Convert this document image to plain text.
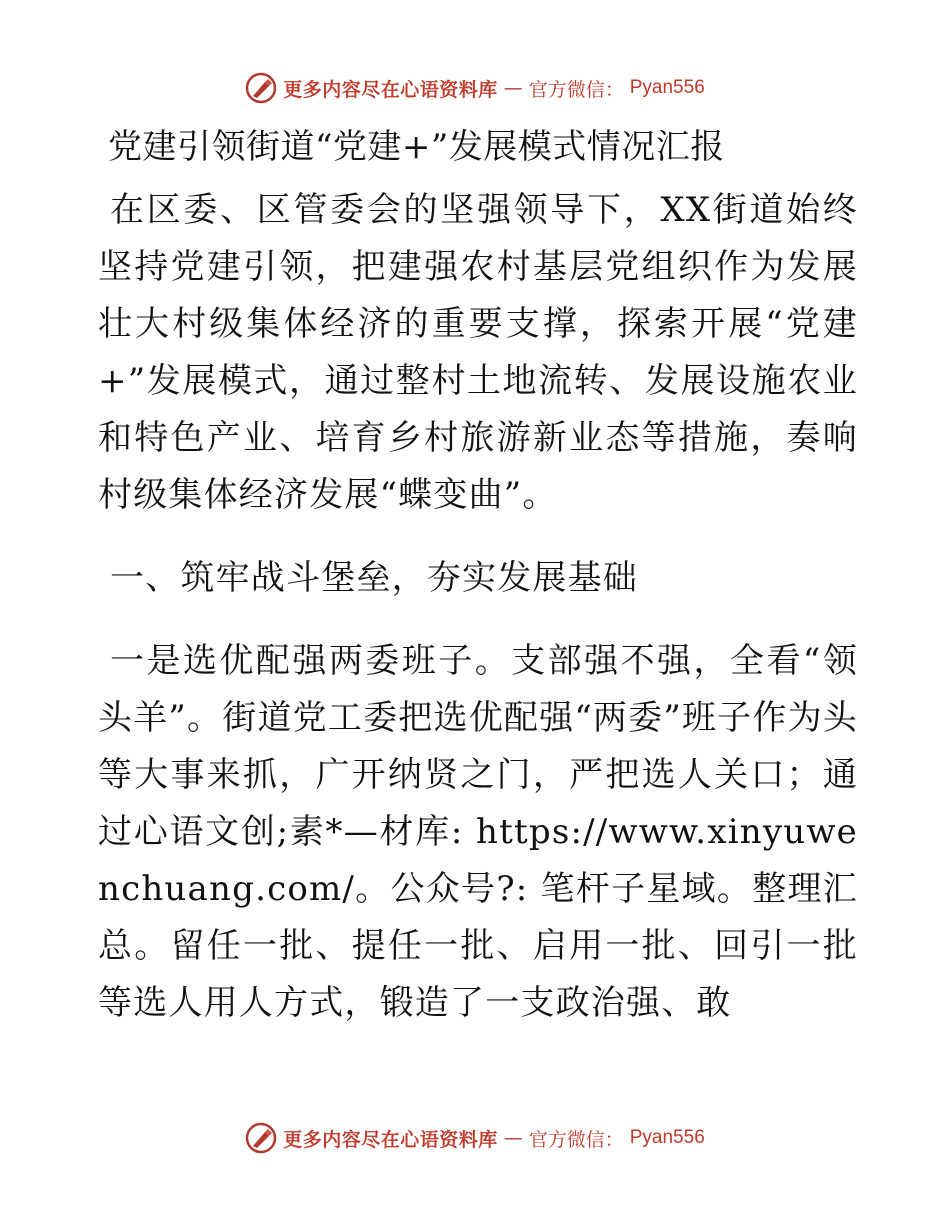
更多内容尽在心语资料库 — 官方微信： Pyan556
党建引领街道“党建+”发展模式情况汇报

在区委、区管委会的坚强领导下，XX街道始终坚持党建引领，把建强农村基层党组织作为发展壮大村级集体经济的重要支撑，探索开展“党建+”发展模式，通过整村土地流转、发展设施农业和特色产业、培育乡村旅游新业态等措施，奏响村级集体经济发展“蝶变曲”。

一、筑牢战斗堡垒，夯实发展基础

一是选优配强两委班子。支部强不强，全看“领头羊”。街道党工委把选优配强“两委”班子作为头等大事来抓，广开纳贤之门，严把选人关口；通过心语文创;素*—材库: https://www.xinyuwenchuang.com/。公众号?: 笔杆子星域。整理汇总。留任一批、提任一批、启用一批、回引一批等选人用人方式，锻造了一支政治强、敢

更多内容尽在心语资料库 — 官方微信： Pyan556
